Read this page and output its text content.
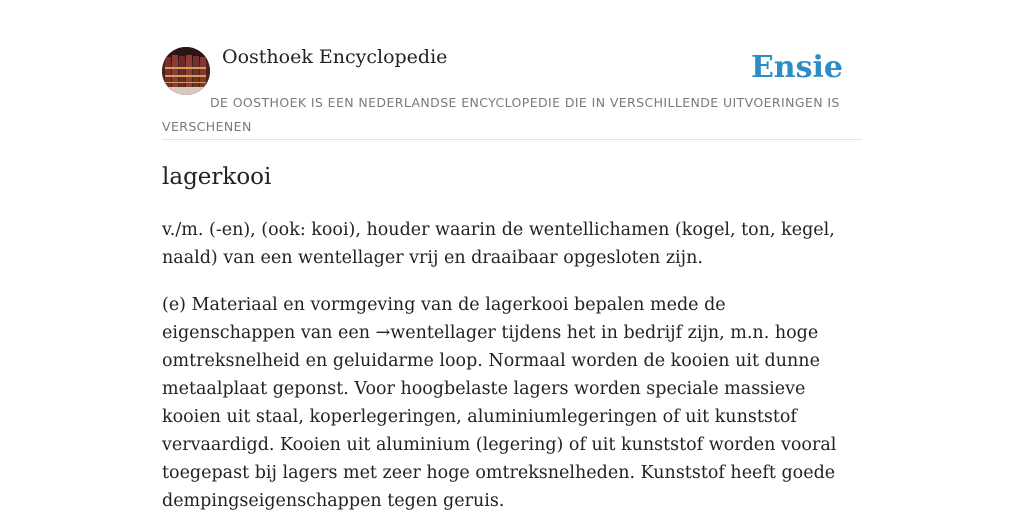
Oosthoek Encyclopedie	Ensie
DE OOSTHOEK IS EEN NEDERLANDSE ENCYCLOPEDIE DIE IN VERSCHILLENDE UITVOERINGEN IS VERSCHENEN
lagerkooi

v./m. (-en), (ook: kooi), houder waarin de wentellichamen (kogel, ton, kegel, naald) van een wentellager vrij en draaibaar opgesloten zijn.

(e) Materiaal en vormgeving van de lagerkooi bepalen mede de eigenschappen van een →wentellager tijdens het in bedrijf zijn, m.n. hoge omtreksnelheid en geluidarme loop. Normaal worden de kooien uit dunne metaalplaat geponst. Voor hoogbelaste lagers worden speciale massieve kooien uit staal, koperlegeringen, aluminiumlegeringen of uit kunststof vervaardigd. Kooien uit aluminium (legering) of uit kunststof worden vooral toegepast bij lagers met zeer hoge omtreksnelheden. Kunststof heeft goede dempingseigenschappen tegen geruis.
